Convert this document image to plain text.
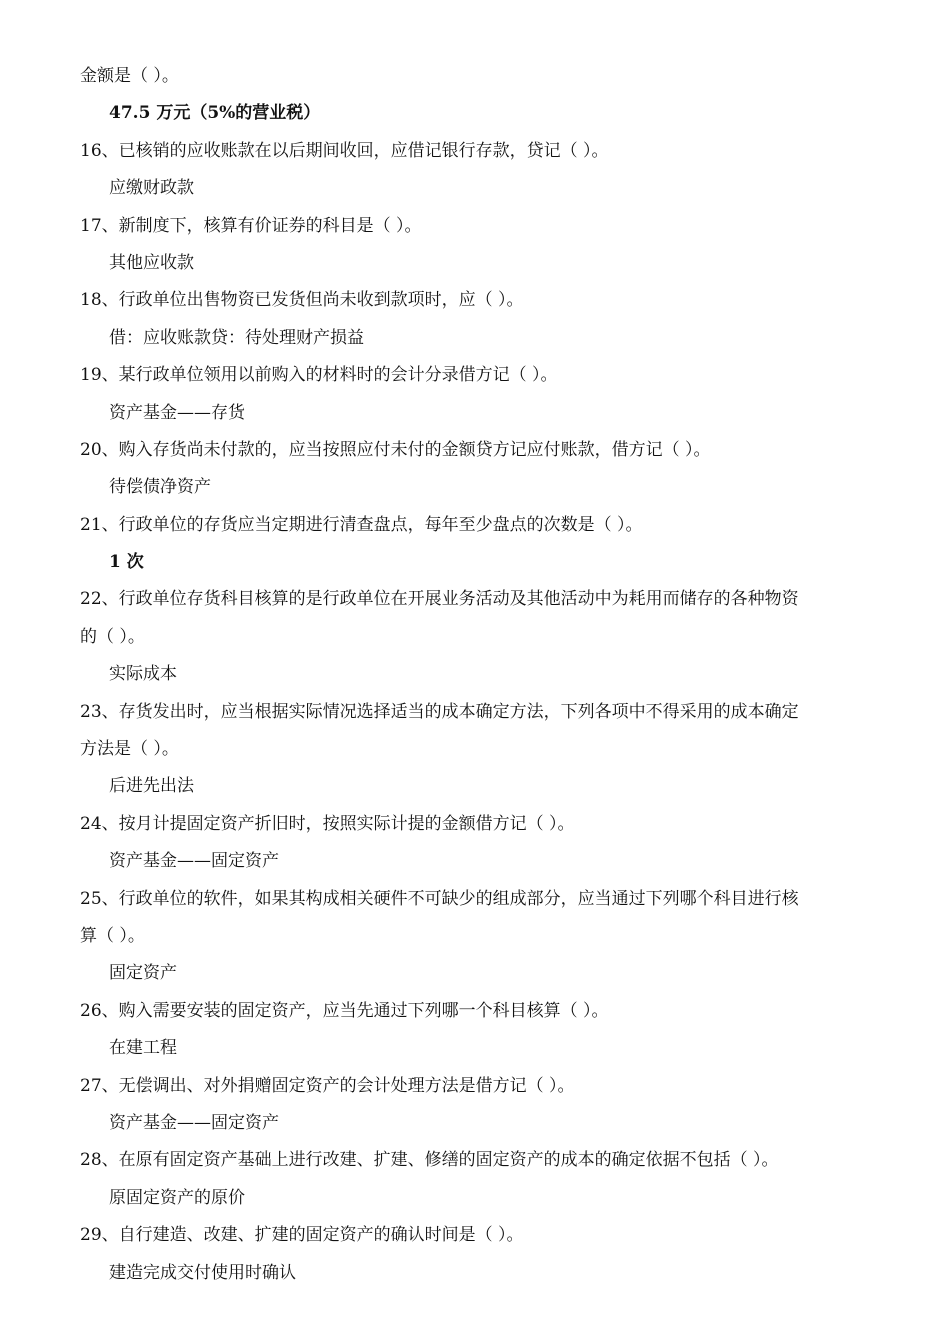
金额是（ ）。
47.5 万元（5%的营业税）
16、已核销的应收账款在以后期间收回，应借记银行存款，贷记（ ）。
应缴财政款
17、新制度下，核算有价证券的科目是（ ）。
其他应收款
18、行政单位出售物资已发货但尚未收到款项时，应（ ）。
借：应收账款贷：待处理财产损益
19、某行政单位领用以前购入的材料时的会计分录借方记（ ）。
资产基金——存货
20、购入存货尚未付款的，应当按照应付未付的金额贷方记应付账款，借方记（ ）。
待偿债净资产
21、行政单位的存货应当定期进行清查盘点，每年至少盘点的次数是（ ）。
1 次
22、行政单位存货科目核算的是行政单位在开展业务活动及其他活动中为耗用而储存的各种物资
的（ ）。
实际成本
23、存货发出时，应当根据实际情况选择适当的成本确定方法，下列各项中不得采用的成本确定
方法是（ ）。
后进先出法
24、按月计提固定资产折旧时，按照实际计提的金额借方记（ ）。
资产基金——固定资产
25、行政单位的软件，如果其构成相关硬件不可缺少的组成部分，应当通过下列哪个科目进行核
算（ ）。
固定资产
26、购入需要安装的固定资产，应当先通过下列哪一个科目核算（ ）。
在建工程
27、无偿调出、对外捐赠固定资产的会计处理方法是借方记（ ）。
资产基金——固定资产
28、在原有固定资产基础上进行改建、扩建、修缮的固定资产的成本的确定依据不包括（ ）。
原固定资产的原价
29、自行建造、改建、扩建的固定资产的确认时间是（ ）。
建造完成交付使用时确认
